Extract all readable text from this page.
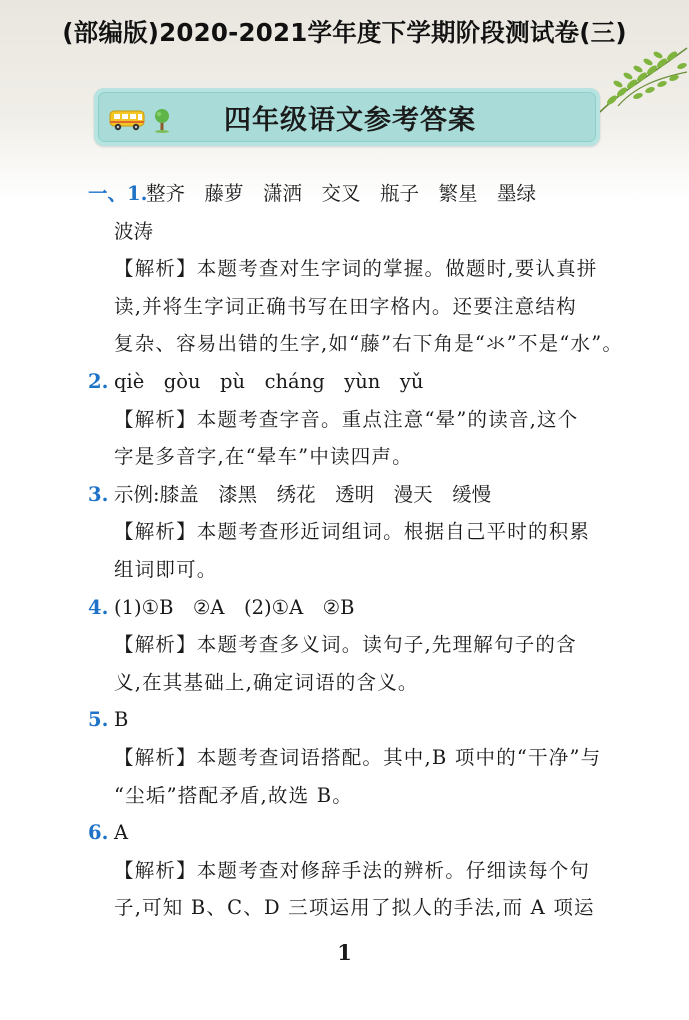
(部编版)2020-2021学年度下学期阶段测试卷(三)
四年级语文参考答案
一、1.
整齐　藤萝　潇洒　交叉　瓶子　繁星　墨绿
波涛
【解析】本题考查对生字词的掌握。做题时,要认真拼
读,并将生字词正确书写在田字格内。还要注意结构
复杂、容易出错的生字,如“藤”右下角是“氺”不是“水”。
2. qiè　gòu　pù　cháng　yùn　yǔ
【解析】本题考查字音。重点注意“晕”的读音,这个
字是多音字,在“晕车”中读四声。
3. 示例:膝盖　漆黑　绣花　透明　漫天　缓慢
【解析】本题考查形近词组词。根据自己平时的积累
组词即可。
4. (1)①B　②A　(2)①A　②B
【解析】本题考查多义词。读句子,先理解句子的含
义,在其基础上,确定词语的含义。
5. B
【解析】本题考查词语搭配。其中,B 项中的“干净”与
“尘垢”搭配矛盾,故选 B。
6. A
【解析】本题考查对修辞手法的辨析。仔细读每个句
子,可知 B、C、D 三项运用了拟人的手法,而 A 项运
1
